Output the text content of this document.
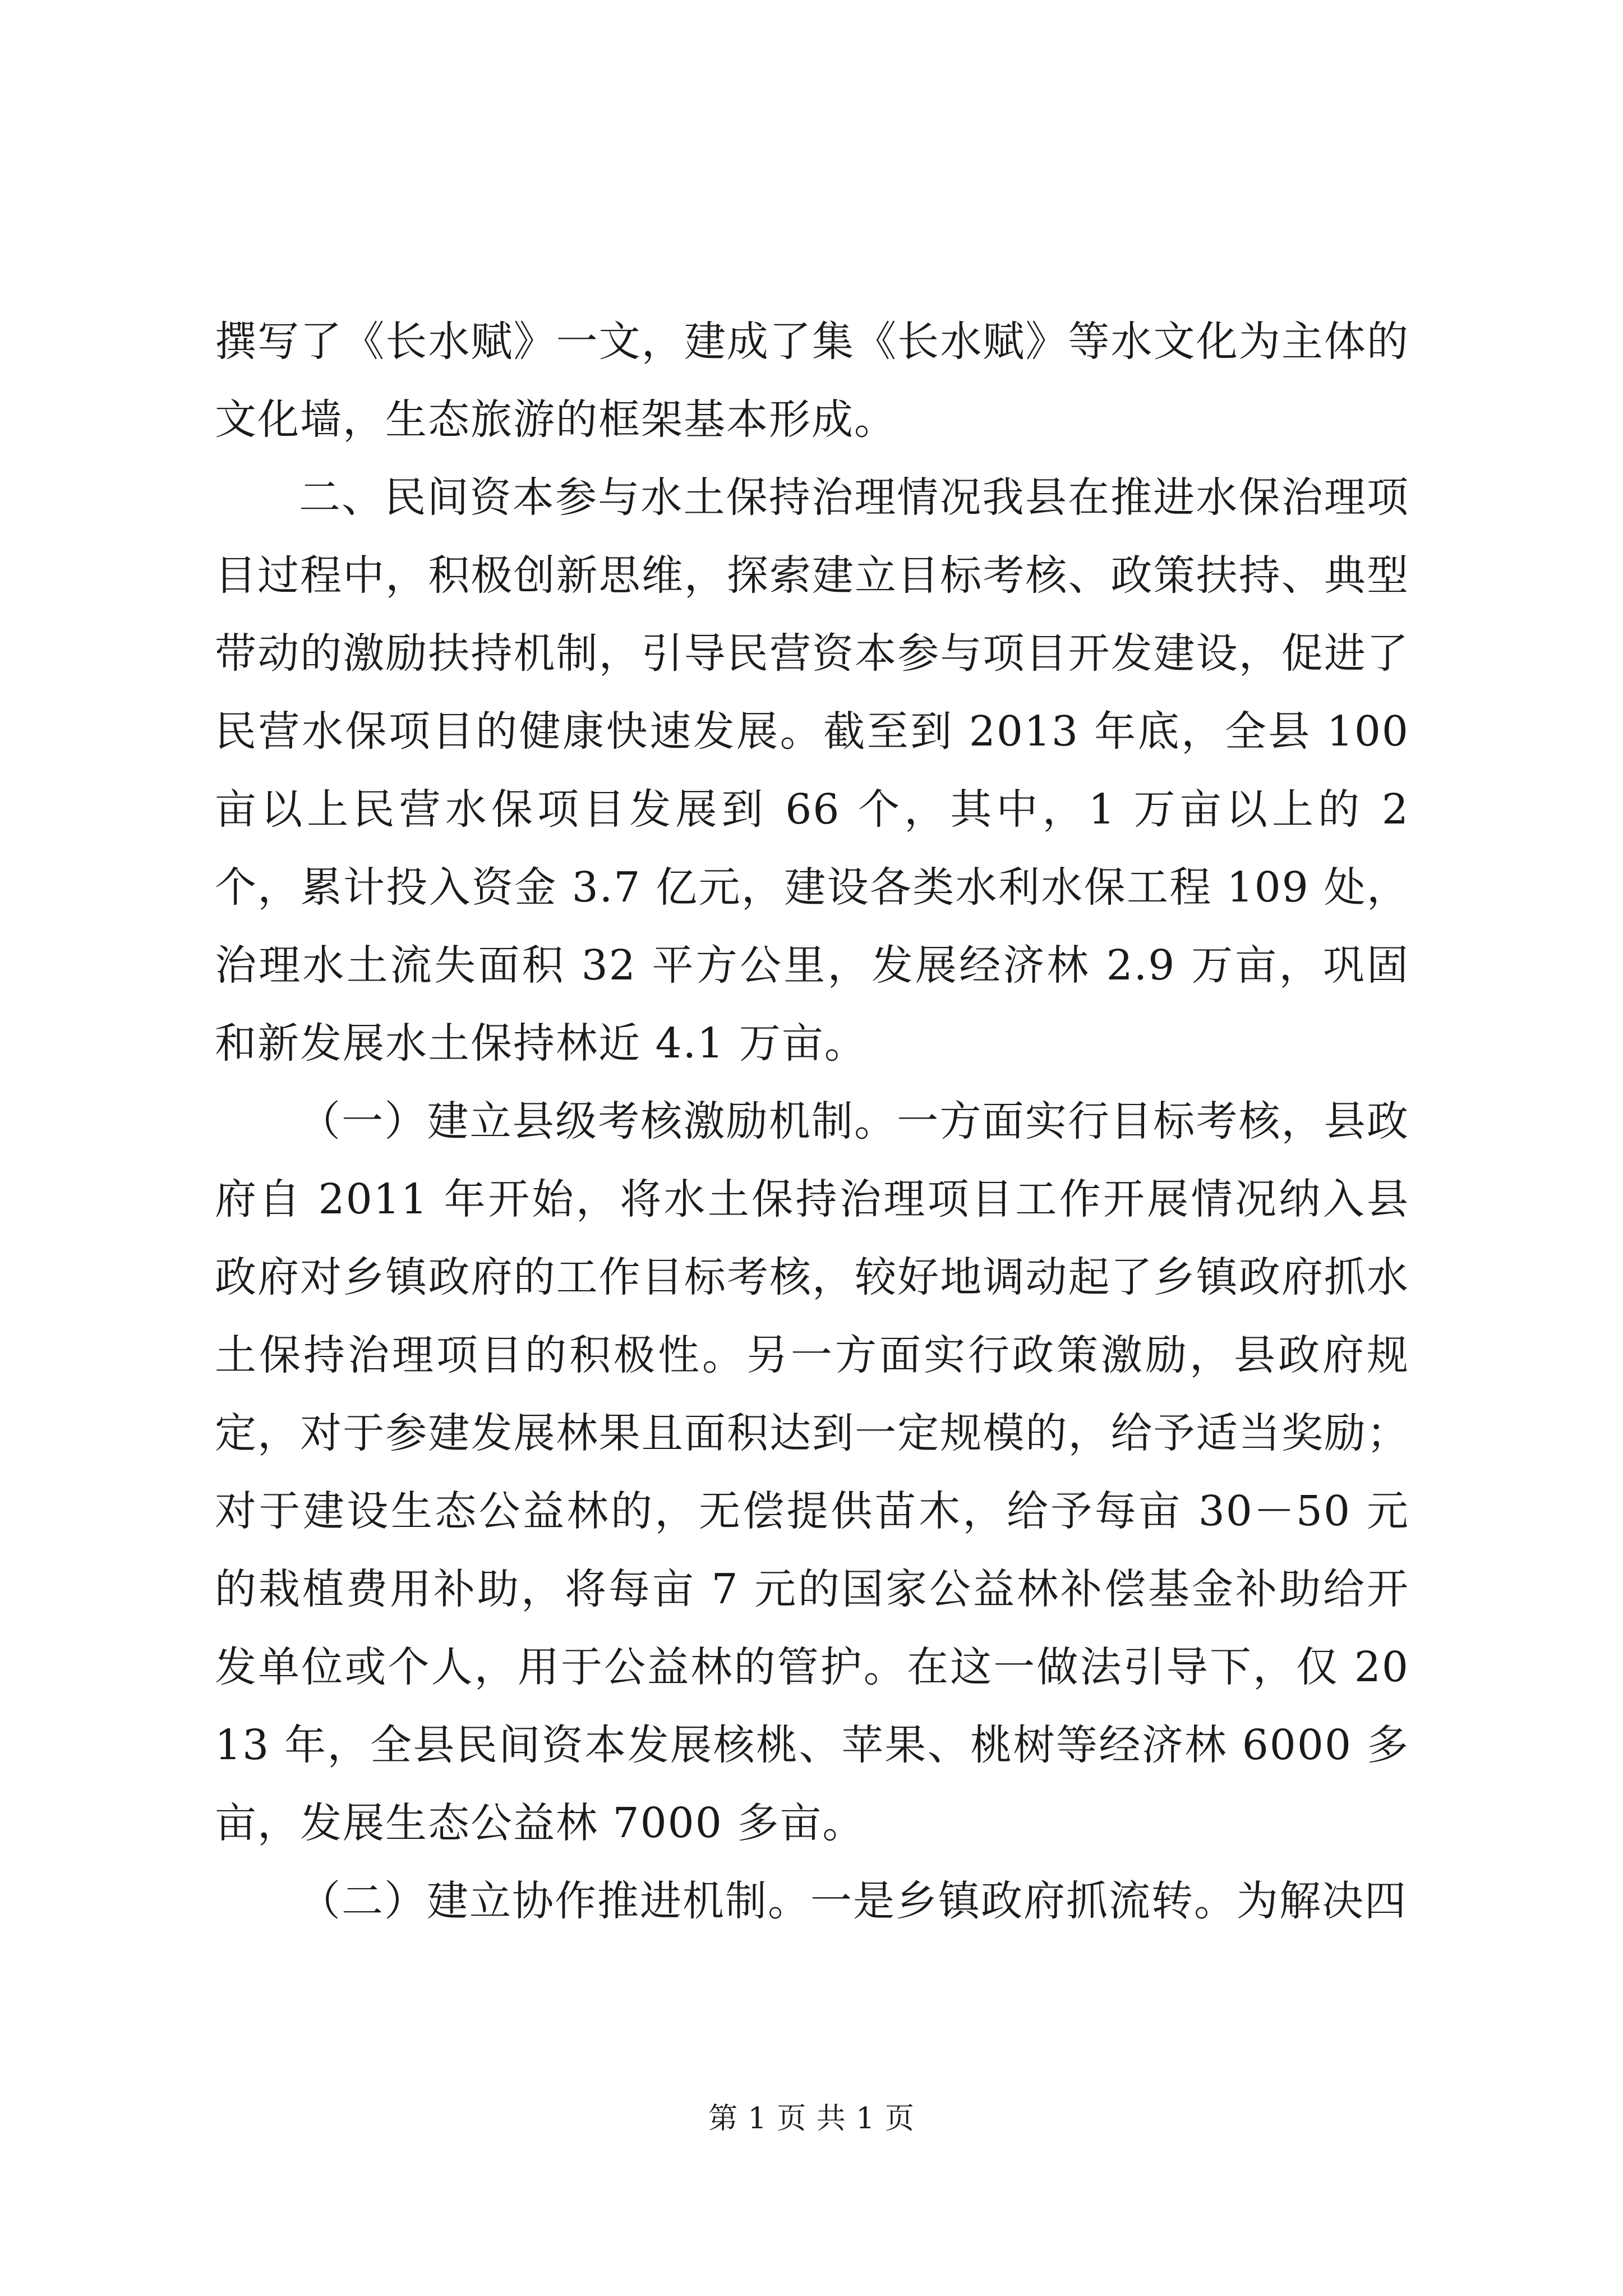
撰写了《长水赋》一文，建成了集《长水赋》等水文化为主体的文化墙，生态旅游的框架基本形成。

二、民间资本参与水土保持治理情况我县在推进水保治理项目过程中，积极创新思维，探索建立目标考核、政策扶持、典型带动的激励扶持机制，引导民营资本参与项目开发建设，促进了民营水保项目的健康快速发展。截至到 2013 年底，全县 100 亩以上民营水保项目发展到 66 个，其中，1 万亩以上的 2 个，累计投入资金 3.7 亿元，建设各类水利水保工程 109 处，治理水土流失面积 32 平方公里，发展经济林 2.9 万亩，巩固和新发展水土保持林近 4.1 万亩。

（一）建立县级考核激励机制。一方面实行目标考核，县政府自 2011 年开始，将水土保持治理项目工作开展情况纳入县政府对乡镇政府的工作目标考核，较好地调动起了乡镇政府抓水土保持治理项目的积极性。另一方面实行政策激励，县政府规定，对于参建发展林果且面积达到一定规模的，给予适当奖励；对于建设生态公益林的，无偿提供苗木，给予每亩 30－50 元的栽植费用补助，将每亩 7 元的国家公益林补偿基金补助给开发单位或个人，用于公益林的管护。在这一做法引导下，仅 2013 年，全县民间资本发展核桃、苹果、桃树等经济林 6000 多亩，发展生态公益林 7000 多亩。

（二）建立协作推进机制。一是乡镇政府抓流转。为解决四

第 1 页 共 1 页
